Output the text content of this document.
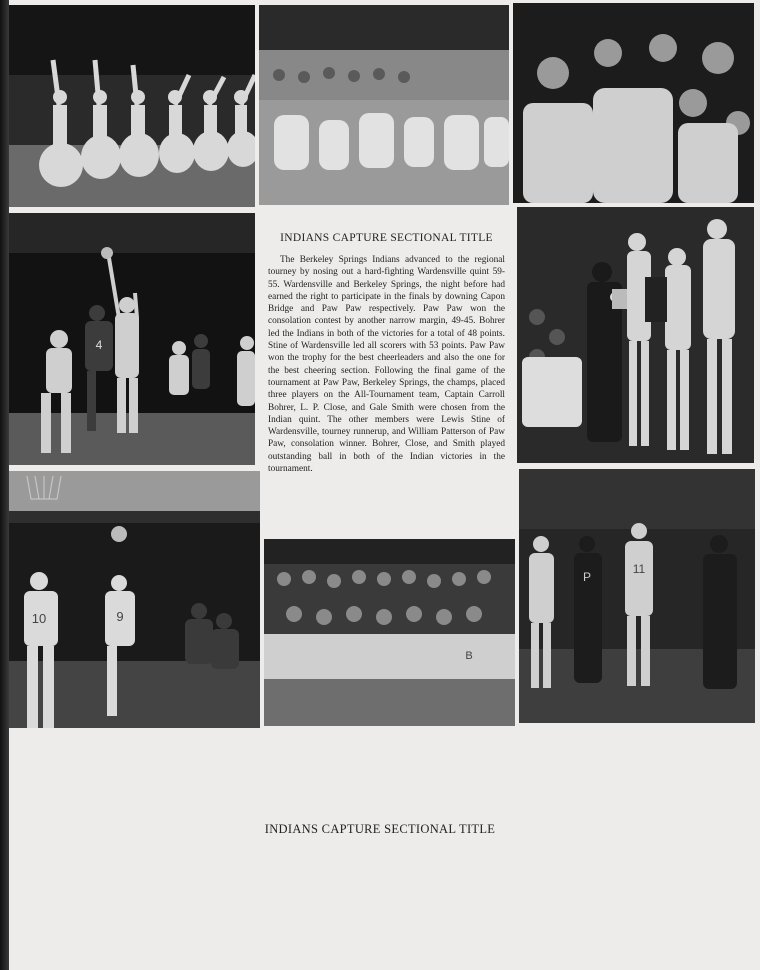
4
INDIANS CAPTURE SECTIONAL TITLE

The Berkeley Springs Indians advanced to the regional tourney by nosing out a hard-fighting Wardensville quint 59-55. Wardensville and Berkeley Springs, the night before had earned the right to participate in the finals by downing Capon Bridge and Paw Paw respectively. Paw Paw won the consolation contest by another narrow margin, 49-45. Bohrer led the Indians in both of the victories for a total of 48 points. Stine of Wardensville led all scorers with 53 points. Paw Paw won the trophy for the best cheerleaders and also the one for the best cheering section. Following the final game of the tournament at Paw Paw, Berkeley Springs, the champs, placed three players on the All-Tournament team, Captain Carroll Bohrer, L. P. Close, and Gale Smith were chosen from the Indian quint. The other members were Lewis Stine of Wardensville, tourney runnerup, and William Patterson of Paw Paw, consolation winner. Bohrer, Close, and Smith played outstanding ball in both of the Indian victories in the tournament.

10	9
B
P
11
INDIANS CAPTURE SECTIONAL TITLE
